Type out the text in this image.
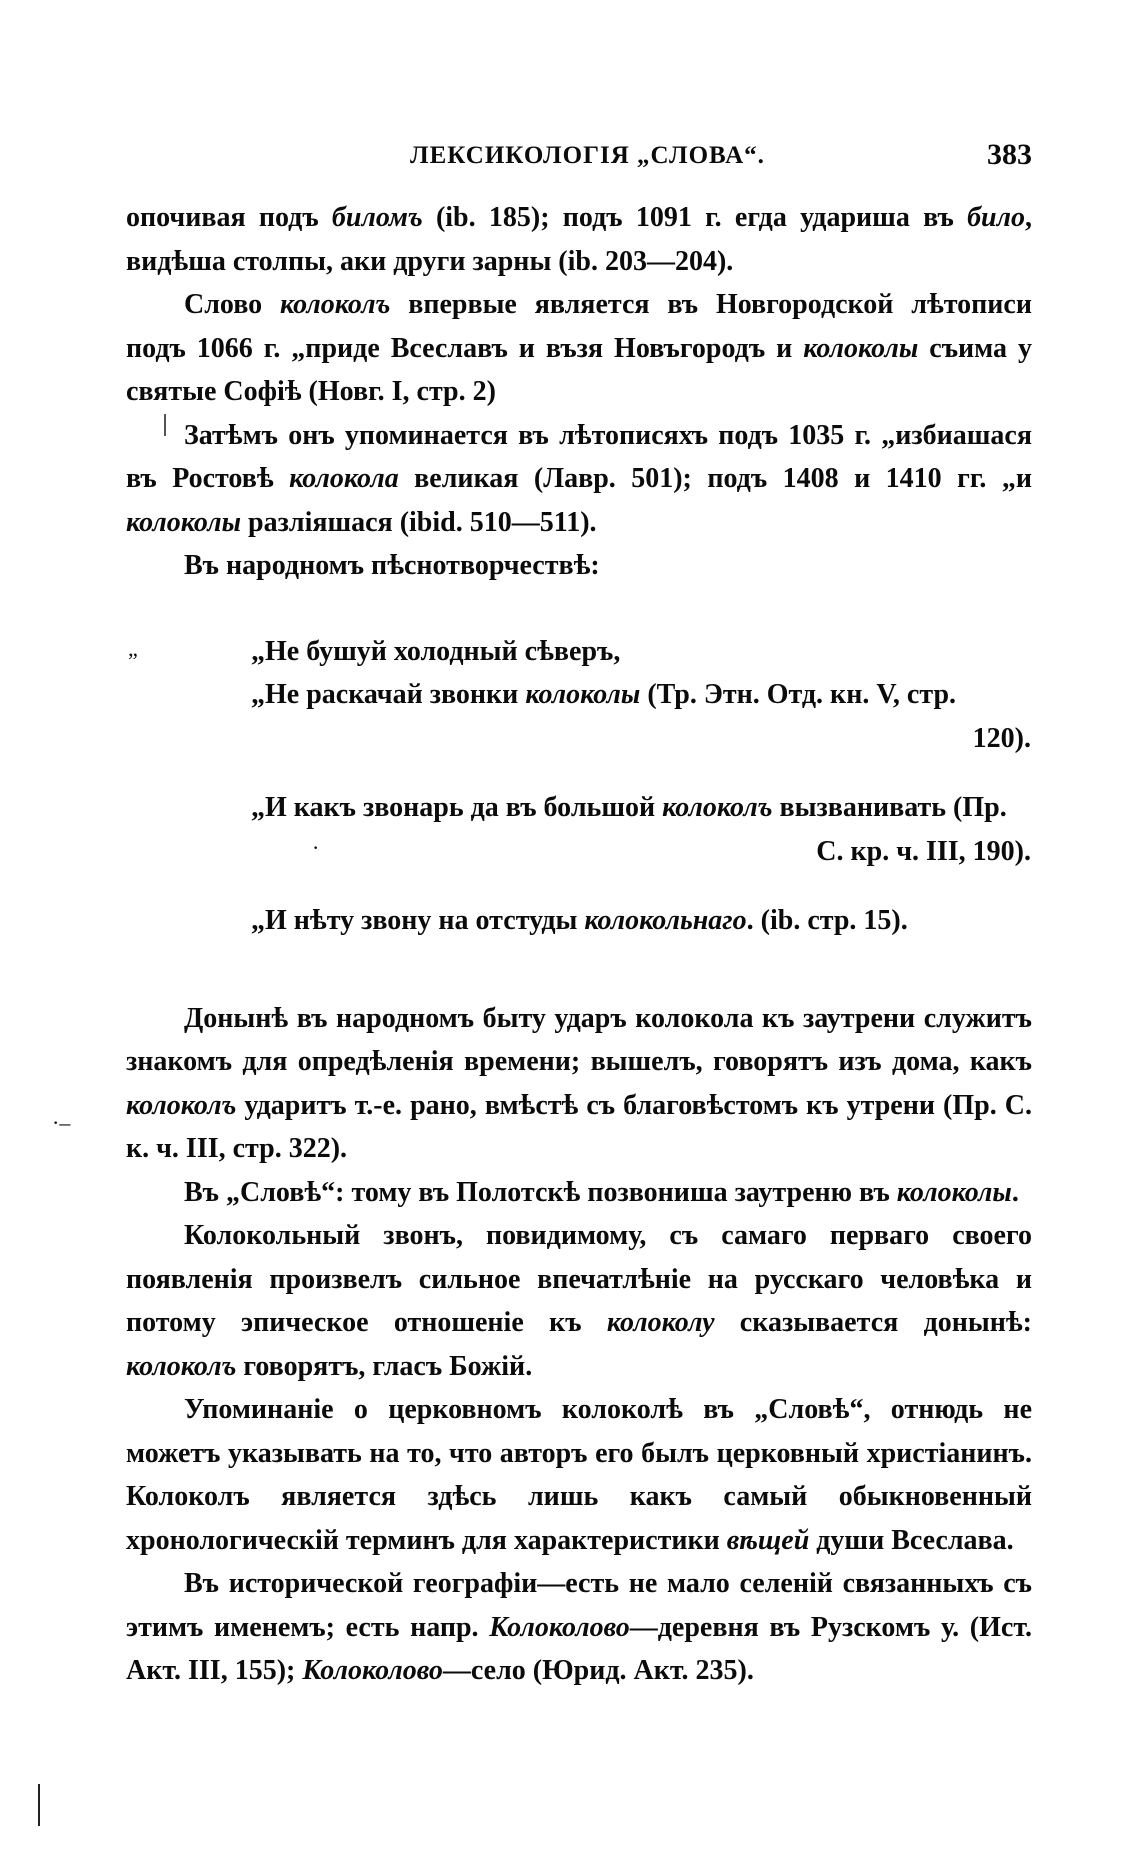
ЛЕКСИКОЛОГІЯ „СЛОВА“.	383

опочивая подъ биломъ (ib. 185); подъ 1091 г. егда удариша въ било, видѣша столпы, аки други зарны (ib. 203—204).

Слово колоколъ впервые является въ Новгородской лѣтописи подъ 1066 г. „приде Всеславъ и възя Новъгородъ и колоколы съима у святые Софіѣ (Новг. I, стр. 2)

Затѣмъ онъ упоминается въ лѣтописяхъ подъ 1035 г. „избиашася въ Ростовѣ колокола великая (Лавр. 501); подъ 1408 и 1410 гг. „и колоколы разліяшася (ibid. 510—511).

Въ народномъ пѣснотворчествѣ:

„Не бушуй холодный сѣверъ,
„Не раскачай звонки колоколы (Тр. Этн. Отд. кн. V, стр.
120).
„И какъ звонарь да въ большой колоколъ вызванивать (Пр.
С. кр. ч. III, 190).
„И нѣту звону на отстуды колокольнаго. (ib. стр. 15).

Донынѣ въ народномъ быту ударъ колокола къ заутрени служитъ знакомъ для опредѣленія времени; вышелъ, говорятъ изъ дома, какъ колоколъ ударитъ т.-е. рано, вмѣстѣ съ благовѣстомъ къ утрени (Пр. С. к. ч. III, стр. 322).

Въ „Словѣ“: тому въ Полотскѣ позвониша заутреню въ колоколы.

Колокольный звонъ, повидимому, съ самаго перваго своего появленія произвелъ сильное впечатлѣніе на русскаго человѣка и потому эпическое отношеніе къ колоколу сказывается донынѣ: колоколъ говорятъ, гласъ Божій.

Упоминаніе о церковномъ колоколѣ въ „Словѣ“, отнюдь не можетъ указывать на то, что авторъ его былъ церковный христіанинъ. Колоколъ является здѣсь лишь какъ самый обыкновенный хронологическій терминъ для характеристики вѣщей души Всеслава.

Въ исторической географіи—есть не мало селеній связанныхъ съ этимъ именемъ; есть напр. Колоколово—деревня въ Рузскомъ у. (Ист. Акт. III, 155); Колоколово—село (Юрид. Акт. 235).

„
·
·–
